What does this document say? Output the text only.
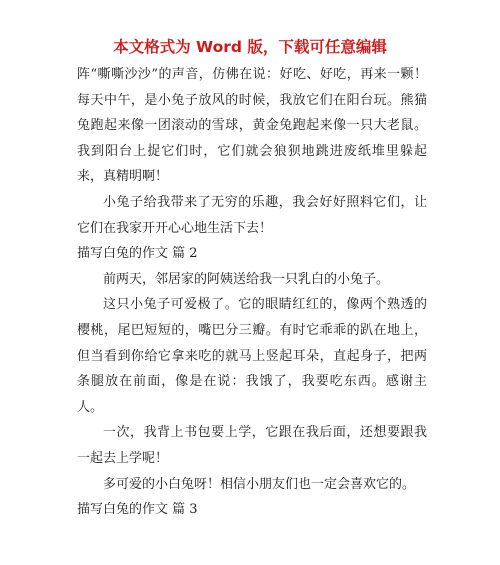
本文格式为 Word 版，下载可任意编辑

阵“嘶嘶沙沙”的声音，仿佛在说：好吃、好吃，再来一颗！每天中午，是小兔子放风的时候，我放它们在阳台玩。熊猫兔跑起来像一团滚动的雪球，黄金兔跑起来像一只大老鼠。我到阳台上捉它们时，它们就会狼狈地跳进废纸堆里躲起来，真精明啊！

小兔子给我带来了无穷的乐趣，我会好好照料它们，让它们在我家开开心心地生活下去！

描写白兔的作文 篇 2

前两天，邻居家的阿姨送给我一只乳白的小兔子。

这只小兔子可爱极了。它的眼睛红红的，像两个熟透的樱桃，尾巴短短的，嘴巴分三瓣。有时它乖乖的趴在地上，但当看到你给它拿来吃的就马上竖起耳朵，直起身子，把两条腿放在前面，像是在说：我饿了，我要吃东西。感谢主人。

一次，我背上书包要上学，它跟在我后面，还想要跟我一起去上学呢！

多可爱的小白兔呀！相信小朋友们也一定会喜欢它的。

描写白兔的作文 篇 3
